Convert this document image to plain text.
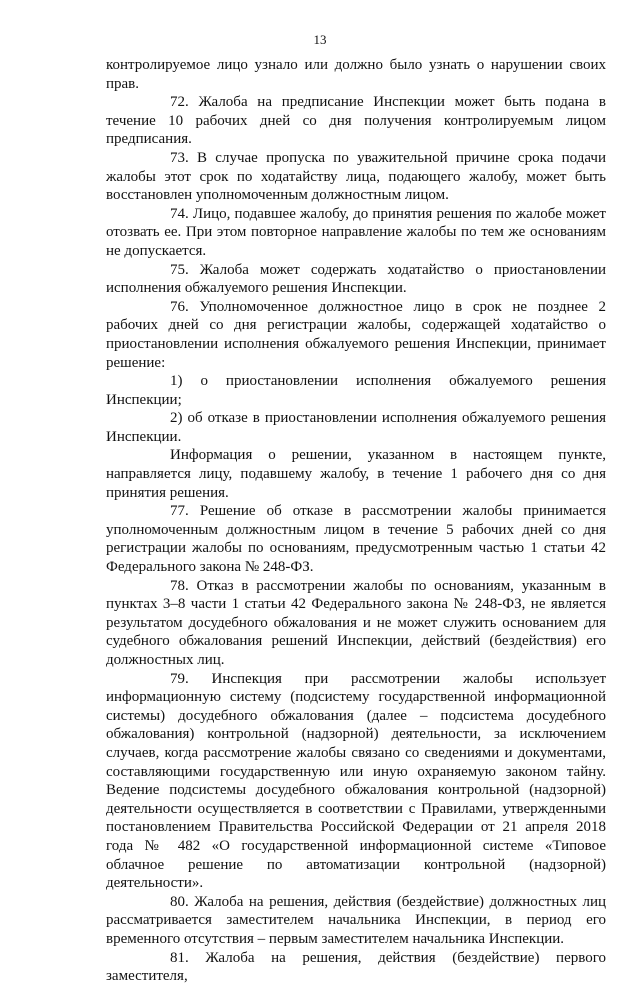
13

контролируемое лицо узнало или должно было узнать о нарушении своих прав.

72. Жалоба на предписание Инспекции может быть подана в течение 10 рабочих дней со дня получения контролируемым лицом предписания.

73. В случае пропуска по уважительной причине срока подачи жалобы этот срок по ходатайству лица, подающего жалобу, может быть восстановлен уполномоченным должностным лицом.

74. Лицо, подавшее жалобу, до принятия решения по жалобе может отозвать ее. При этом повторное направление жалобы по тем же основаниям не допускается.

75. Жалоба может содержать ходатайство о приостановлении исполнения обжалуемого решения Инспекции.

76. Уполномоченное должностное лицо в срок не позднее 2 рабочих дней со дня регистрации жалобы, содержащей ходатайство о приостановлении исполнения обжалуемого решения Инспекции, принимает решение:

1) о приостановлении исполнения обжалуемого решения Инспекции;

2) об отказе в приостановлении исполнения обжалуемого решения Инспекции.

Информация о решении, указанном в настоящем пункте, направляется лицу, подавшему жалобу, в течение 1 рабочего дня со дня принятия решения.

77. Решение об отказе в рассмотрении жалобы принимается уполномоченным должностным лицом в течение 5 рабочих дней со дня регистрации жалобы по основаниям, предусмотренным частью 1 статьи 42 Федерального закона № 248-ФЗ.

78. Отказ в рассмотрении жалобы по основаниям, указанным в пунктах 3–8 части 1 статьи 42 Федерального закона № 248-ФЗ, не является результатом досудебного обжалования и не может служить основанием для судебного обжалования решений Инспекции, действий (бездействия) его должностных лиц.

79. Инспекция при рассмотрении жалобы использует информационную систему (подсистему государственной информационной системы) досудебного обжалования (далее – подсистема досудебного обжалования) контрольной (надзорной) деятельности, за исключением случаев, когда рассмотрение жалобы связано со сведениями и документами, составляющими государственную или иную охраняемую законом тайну. Ведение подсистемы досудебного обжалования контрольной (надзорной) деятельности осуществляется в соответствии с Правилами, утвержденными постановлением Правительства Российской Федерации от 21 апреля 2018 года № 482 «О государственной информационной системе «Типовое облачное решение по автоматизации контрольной (надзорной) деятельности».

80. Жалоба на решения, действия (бездействие) должностных лиц рассматривается заместителем начальника Инспекции, в период его временного отсутствия – первым заместителем начальника Инспекции.

81. Жалоба на решения, действия (бездействие) первого заместителя,
